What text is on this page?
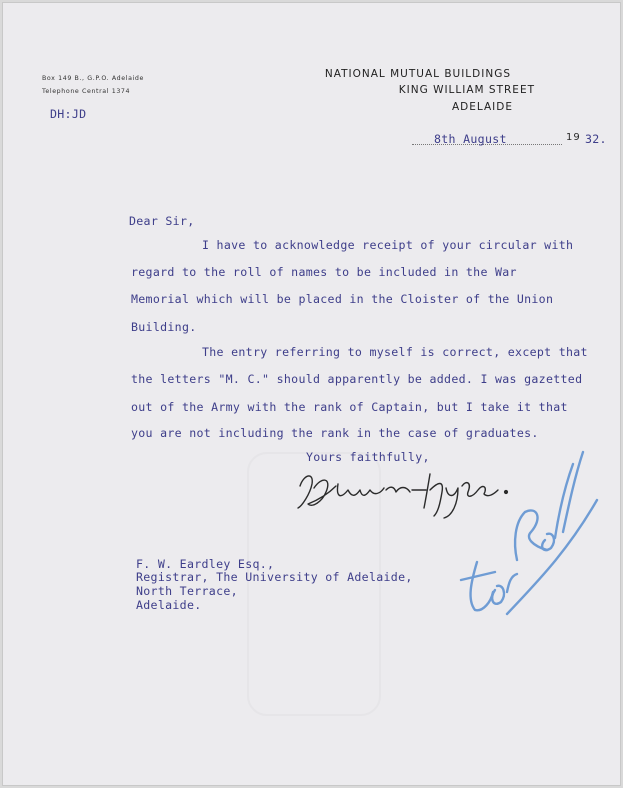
Box 149 B., G.P.O. Adelaide
Telephone Central 1374
NATIONAL MUTUAL BUILDINGS
KING WILLIAM STREET
ADELAIDE
DH:JD
8th August	19 32.
Dear Sir,
I have to acknowledge receipt of your circular with
regard to the roll of names to be included in the War
Memorial which will be placed in the Cloister of the Union
Building.
The entry referring to myself is correct, except that
the letters "M. C." should apparently be added. I was gazetted
out of the Army with the rank of Captain, but I take it that
you are not including the rank in the case of graduates.
Yours faithfully,
F. W. Eardley Esq.,
Registrar, The University of Adelaide,
North Terrace,
Adelaide.
